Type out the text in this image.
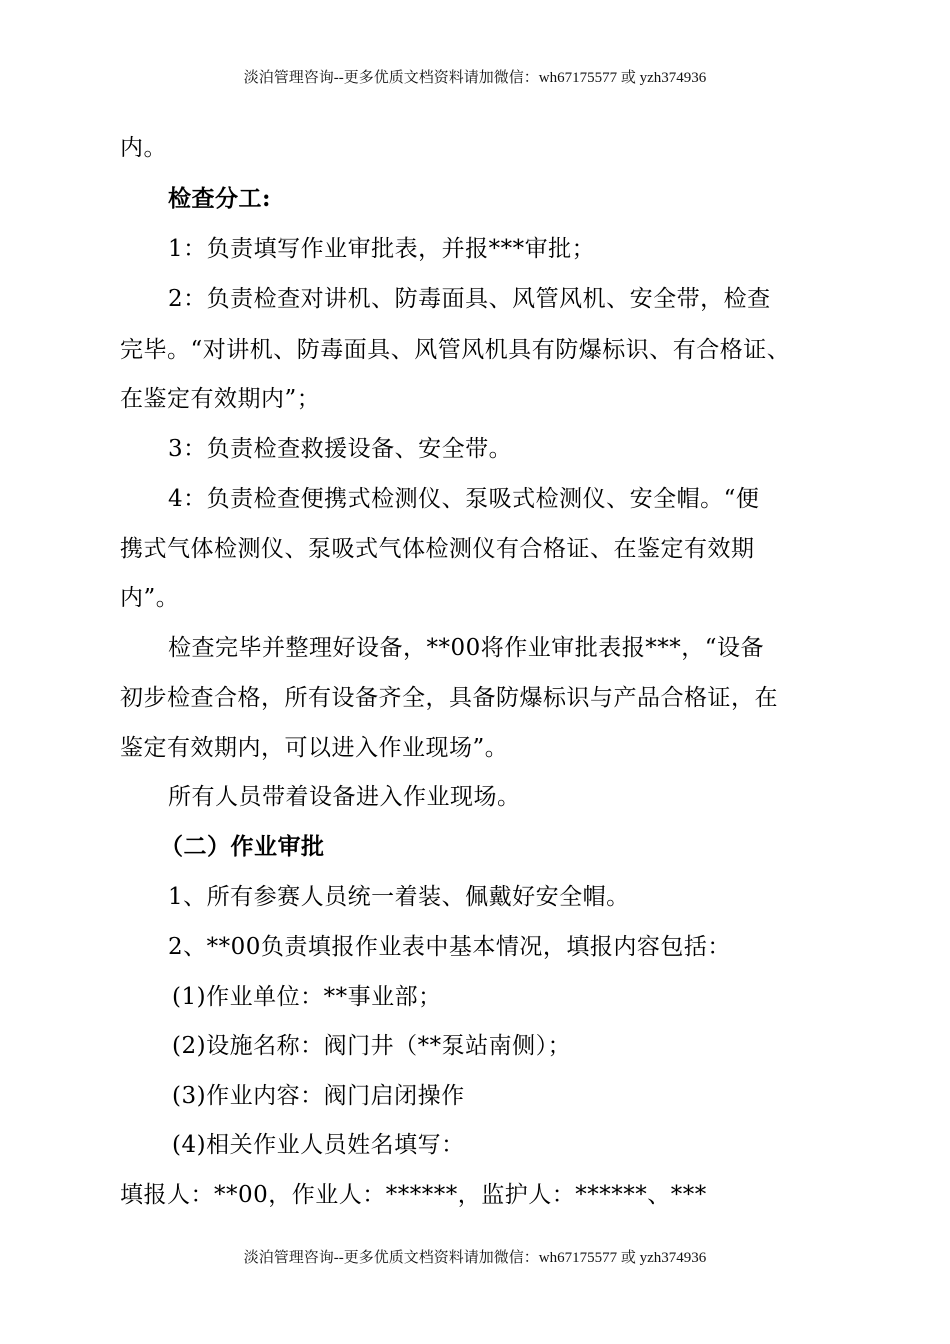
淡泊管理咨询--更多优质文档资料请加微信：wh67175577 或 yzh374936
内。
检查分工:
1：负责填写作业审批表，并报***审批；
2：负责检查对讲机、防毒面具、风管风机、安全带，检查
完毕。“对讲机、防毒面具、风管风机具有防爆标识、有合格证、
在鉴定有效期内”；
3：负责检查救援设备、安全带。
4：负责检查便携式检测仪、泵吸式检测仪、安全帽。“便
携式气体检测仪、泵吸式气体检测仪有合格证、在鉴定有效期
内”。
检查完毕并整理好设备，**00将作业审批表报***，“设备
初步检查合格，所有设备齐全，具备防爆标识与产品合格证，在
鉴定有效期内，可以进入作业现场”。
所有人员带着设备进入作业现场。
（二）作业审批
1、所有参赛人员统一着装、佩戴好安全帽。
2、**00负责填报作业表中基本情况，填报内容包括：
(1)作业单位：**事业部；
(2)设施名称：阀门井（**泵站南侧）；
(3)作业内容：阀门启闭操作
(4)相关作业人员姓名填写：
填报人：**00，作业人：******，监护人：******、***
淡泊管理咨询--更多优质文档资料请加微信：wh67175577 或 yzh374936
